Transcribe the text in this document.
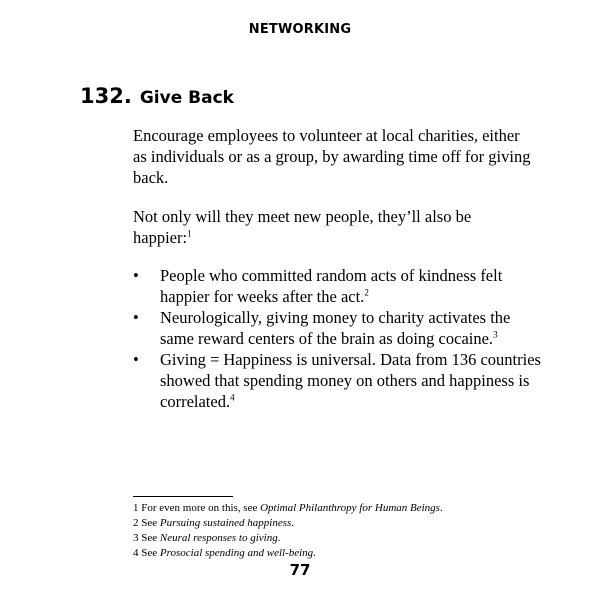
NETWORKING
132. Give Back

Encourage employees to volunteer at local charities, either as individuals or as a group, by awarding time off for giving back.

Not only will they meet new people, they’ll also be happier:$^1$

• People who committed random acts of kindness felt happier for weeks after the act.$^2$
• Neurologically, giving money to charity activates the same reward centers of the brain as doing cocaine.$^3$
• Giving = Happiness is universal. Data from 136 countries showed that spending money on others and happiness is correlated.$^4$
1 For even more on this, see Optimal Philanthropy for Human Beings.
2 See Pursuing sustained happiness.
3 See Neural responses to giving.
4 See Prosocial spending and well-being.
77
